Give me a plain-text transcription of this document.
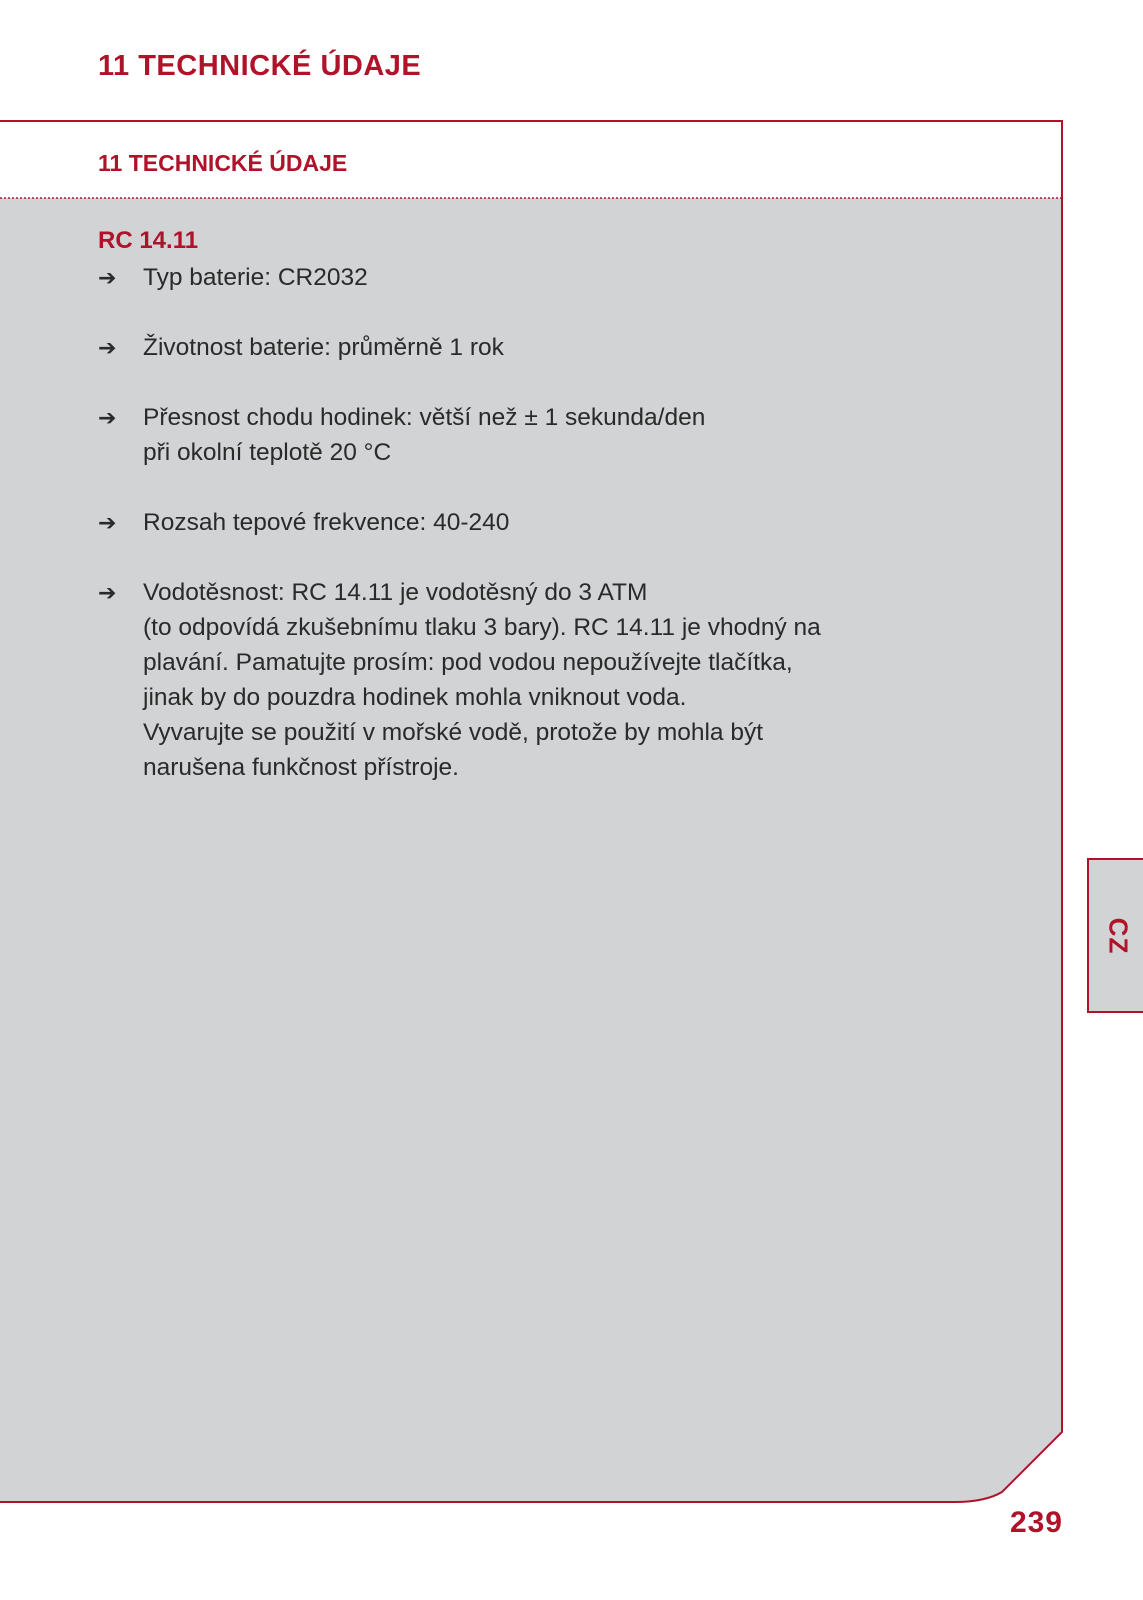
11 TECHNICKÉ ÚDAJE
11 TECHNICKÉ ÚDAJE
RC 14.11
➔ Typ baterie: CR2032
➔ Životnost baterie: průměrně 1 rok
➔ Přesnost chodu hodinek: větší než ± 1 sekunda/den
při okolní teplotě 20 °C
➔ Rozsah tepové frekvence: 40-240
➔ Vodotěsnost: RC 14.11 je vodotěsný do 3 ATM
(to odpovídá zkušebnímu tlaku 3 bary). RC 14.11 je vhodný na
plavání. Pamatujte prosím: pod vodou nepoužívejte tlačítka,
jinak by do pouzdra hodinek mohla vniknout voda.
Vyvarujte se použití v mořské vodě, protože by mohla být
narušena funkčnost přístroje.
CZ
239
